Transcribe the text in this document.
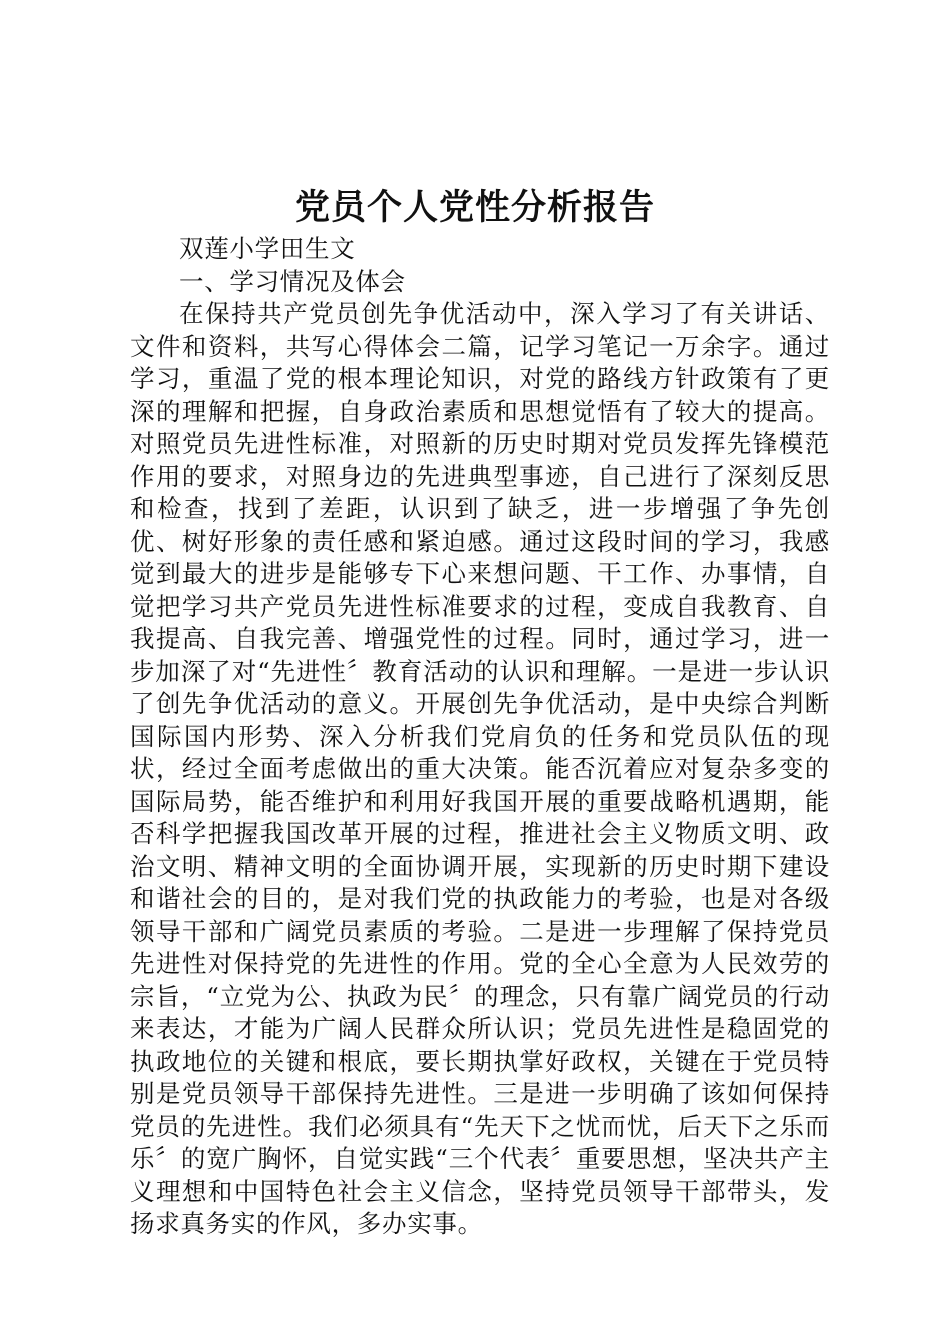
党员个人党性分析报告

双莲小学田生文

一、学习情况及体会

在保持共产党员创先争优活动中，深入学习了有关讲话、文件和资料，共写心得体会二篇，记学习笔记一万余字。通过学习，重温了党的根本理论知识，对党的路线方针政策有了更深的理解和把握，自身政治素质和思想觉悟有了较大的提高。对照党员先进性标准，对照新的历史时期对党员发挥先锋模范作用的要求，对照身边的先进典型事迹，自己进行了深刻反思和检查，找到了差距，认识到了缺乏，进一步增强了争先创优、树好形象的责任感和紧迫感。通过这段时间的学习，我感觉到最大的进步是能够专下心来想问题、干工作、办事情，自觉把学习共产党员先进性标准要求的过程，变成自我教育、自我提高、自我完善、增强党性的过程。同时，通过学习，进一步加深了对“先进性〞教育活动的认识和理解。一是进一步认识了创先争优活动的意义。开展创先争优活动，是中央综合判断国际国内形势、深入分析我们党肩负的任务和党员队伍的现状，经过全面考虑做出的重大决策。能否沉着应对复杂多变的国际局势，能否维护和利用好我国开展的重要战略机遇期，能否科学把握我国改革开展的过程，推进社会主义物质文明、政治文明、精神文明的全面协调开展，实现新的历史时期下建设和谐社会的目的，是对我们党的执政能力的考验，也是对各级领导干部和广阔党员素质的考验。二是进一步理解了保持党员先进性对保持党的先进性的作用。党的全心全意为人民效劳的宗旨，“立党为公、执政为民〞的理念，只有靠广阔党员的行动来表达，才能为广阔人民群众所认识；党员先进性是稳固党的执政地位的关键和根底，要长期执掌好政权，关键在于党员特别是党员领导干部保持先进性。三是进一步明确了该如何保持党员的先进性。我们必须具有“先天下之忧而忧，后天下之乐而乐〞的宽广胸怀，自觉实践“三个代表〞重要思想，坚决共产主义理想和中国特色社会主义信念，坚持党员领导干部带头，发扬求真务实的作风，多办实事。
